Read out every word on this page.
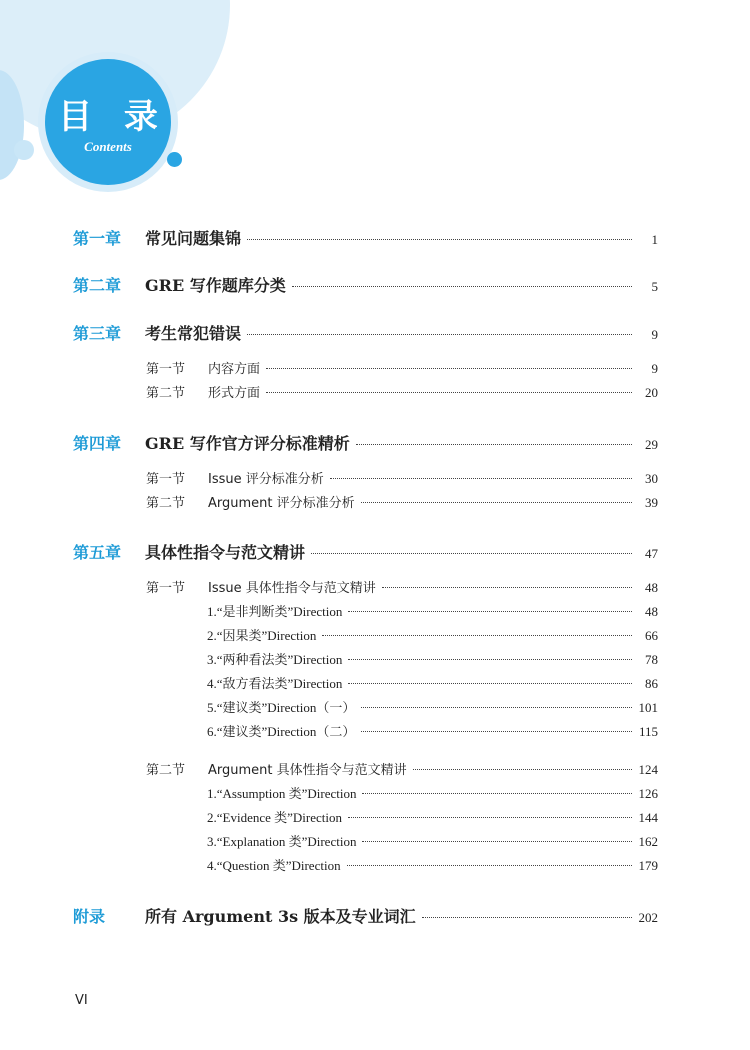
目 录
Contents
第一章	常见问题集锦	1
第二章	GRE 写作题库分类	5
第三章	考生常犯错误	9
第一节	内容方面	9
第二节	形式方面	20
第四章	GRE 写作官方评分标准精析	29
第一节	Issue 评分标准分析	30
第二节	Argument 评分标准分析	39
第五章	具体性指令与范文精讲	47
第一节	Issue 具体性指令与范文精讲	48
1.“是非判断类”Direction	48
2.“因果类”Direction	66
3.“两种看法类”Direction	78
4.“敌方看法类”Direction	86
5.“建议类”Direction（一）	101
6.“建议类”Direction（二）	115
第二节	Argument 具体性指令与范文精讲	124
1.“Assumption 类”Direction	126
2.“Evidence 类”Direction	144
3.“Explanation 类”Direction	162
4.“Question 类”Direction	179
附录	所有 Argument 3s 版本及专业词汇	202
VI
